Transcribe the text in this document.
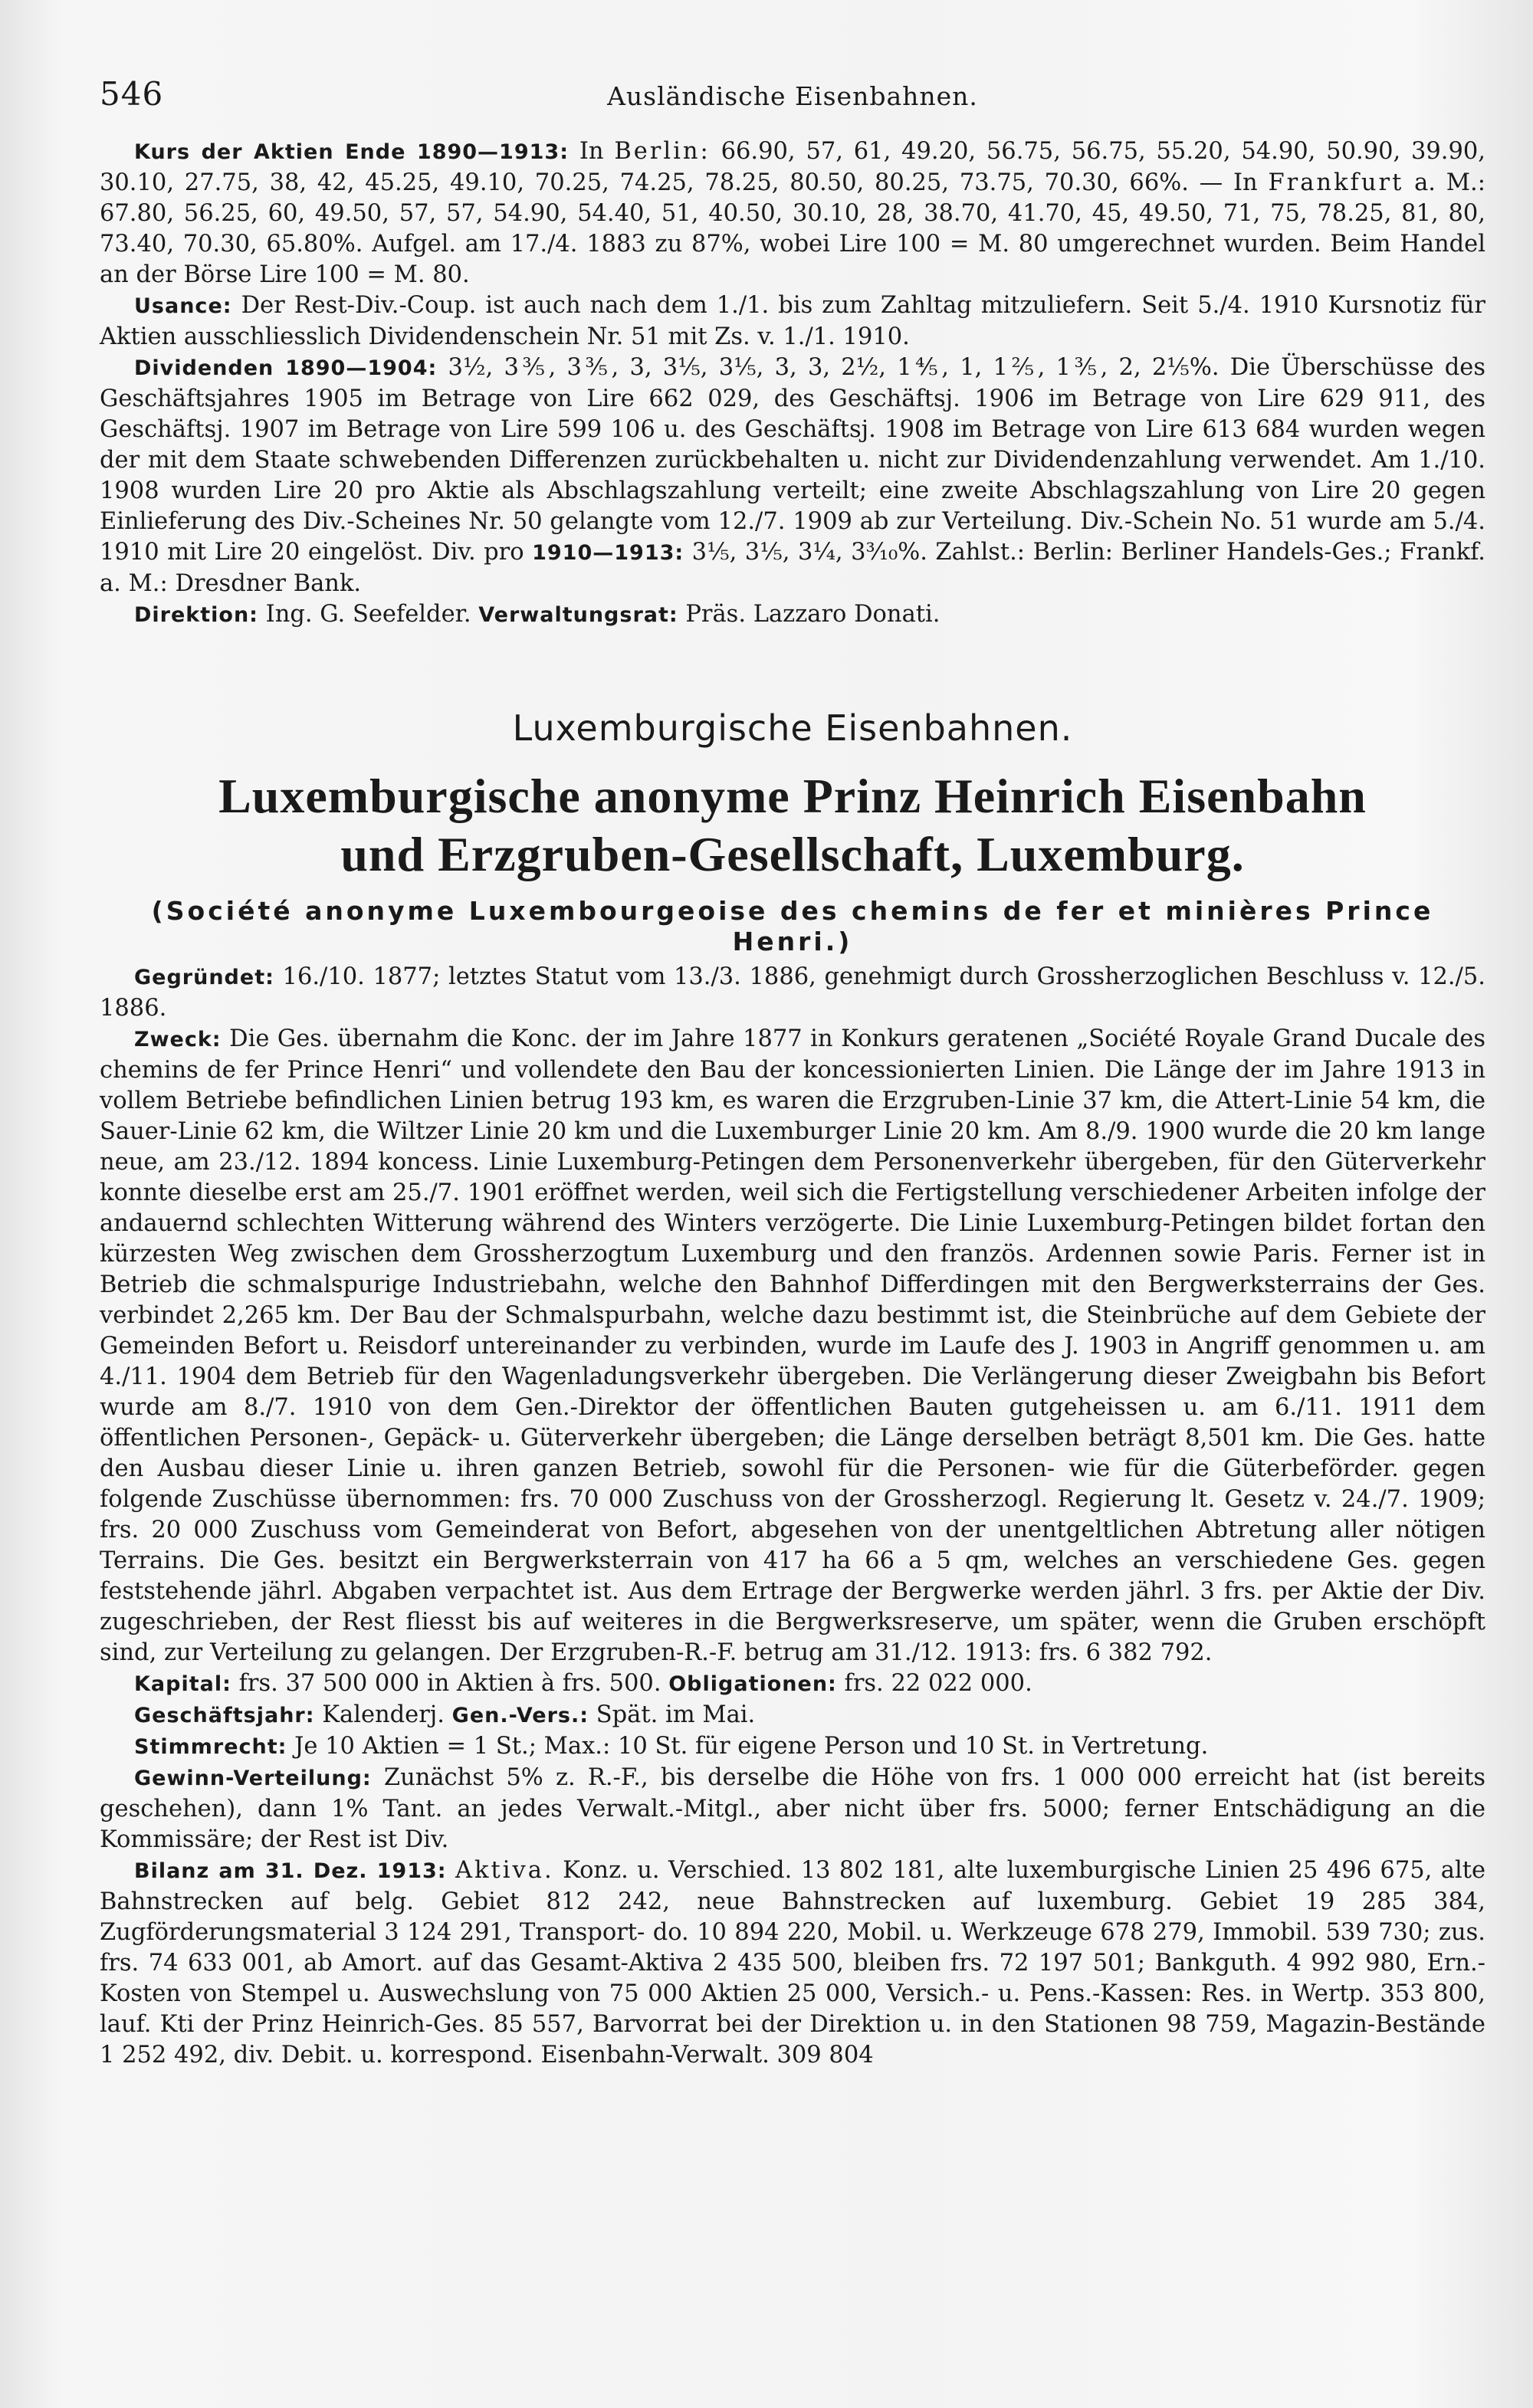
546	Ausländische Eisenbahnen.

Kurs der Aktien Ende 1890—1913: In Berlin: 66.90, 57, 61, 49.20, 56.75, 56.75, 55.20, 54.90, 50.90, 39.90, 30.10, 27.75, 38, 42, 45.25, 49.10, 70.25, 74.25, 78.25, 80.50, 80.25, 73.75, 70.30, 66%. — In Frankfurt a. M.: 67.80, 56.25, 60, 49.50, 57, 57, 54.90, 54.40, 51, 40.50, 30.10, 28, 38.70, 41.70, 45, 49.50, 71, 75, 78.25, 81, 80, 73.40, 70.30, 65.80%. Aufgel. am 17./4. 1883 zu 87%, wobei Lire 100 = M. 80 umgerechnet wurden. Beim Handel an der Börse Lire 100 = M. 80.

Usance: Der Rest-Div.-Coup. ist auch nach dem 1./1. bis zum Zahltag mitzuliefern. Seit 5./4. 1910 Kursnotiz für Aktien ausschliesslich Dividendenschein Nr. 51 mit Zs. v. 1./1. 1910.

Dividenden 1890—1904: 3½, 3⅗, 3⅗, 3, 3⅕, 3⅕, 3, 3, 2½, 1⅘, 1, 1⅖, 1⅗, 2, 2⅕%. Die Überschüsse des Geschäftsjahres 1905 im Betrage von Lire 662 029, des Geschäftsj. 1906 im Betrage von Lire 629 911, des Geschäftsj. 1907 im Betrage von Lire 599 106 u. des Geschäftsj. 1908 im Betrage von Lire 613 684 wurden wegen der mit dem Staate schwebenden Differenzen zurückbehalten u. nicht zur Dividendenzahlung verwendet. Am 1./10. 1908 wurden Lire 20 pro Aktie als Abschlagszahlung verteilt; eine zweite Abschlagszahlung von Lire 20 gegen Einlieferung des Div.-Scheines Nr. 50 gelangte vom 12./7. 1909 ab zur Verteilung. Div.-Schein No. 51 wurde am 5./4. 1910 mit Lire 20 eingelöst. Div. pro 1910—1913: 3⅕, 3⅕, 3¼, 3³⁄₁₀%. Zahlst.: Berlin: Berliner Handels-Ges.; Frankf. a. M.: Dresdner Bank.

Direktion: Ing. G. Seefelder. Verwaltungsrat: Präs. Lazzaro Donati.

Luxemburgische Eisenbahnen.
Luxemburgische anonyme Prinz Heinrich Eisenbahn
und Erzgruben-Gesellschaft, Luxemburg.
(Société anonyme Luxembourgeoise des chemins de fer et minières Prince Henri.)

Gegründet: 16./10. 1877; letztes Statut vom 13./3. 1886, genehmigt durch Grossherzoglichen Beschluss v. 12./5. 1886.

Zweck: Die Ges. übernahm die Konc. der im Jahre 1877 in Konkurs geratenen „Société Royale Grand Ducale des chemins de fer Prince Henri“ und vollendete den Bau der koncessionierten Linien. Die Länge der im Jahre 1913 in vollem Betriebe befindlichen Linien betrug 193 km, es waren die Erzgruben-Linie 37 km, die Attert-Linie 54 km, die Sauer-Linie 62 km, die Wiltzer Linie 20 km und die Luxemburger Linie 20 km. Am 8./9. 1900 wurde die 20 km lange neue, am 23./12. 1894 koncess. Linie Luxemburg-Petingen dem Personenverkehr übergeben, für den Güterverkehr konnte dieselbe erst am 25./7. 1901 eröffnet werden, weil sich die Fertigstellung verschiedener Arbeiten infolge der andauernd schlechten Witterung während des Winters verzögerte. Die Linie Luxemburg-Petingen bildet fortan den kürzesten Weg zwischen dem Grossherzogtum Luxemburg und den französ. Ardennen sowie Paris. Ferner ist in Betrieb die schmalspurige Industriebahn, welche den Bahnhof Differdingen mit den Bergwerksterrains der Ges. verbindet 2,265 km. Der Bau der Schmalspurbahn, welche dazu bestimmt ist, die Steinbrüche auf dem Gebiete der Gemeinden Befort u. Reisdorf untereinander zu verbinden, wurde im Laufe des J. 1903 in Angriff genommen u. am 4./11. 1904 dem Betrieb für den Wagenladungsverkehr übergeben. Die Verlängerung dieser Zweigbahn bis Befort wurde am 8./7. 1910 von dem Gen.-Direktor der öffentlichen Bauten gutgeheissen u. am 6./11. 1911 dem öffentlichen Personen-, Gepäck- u. Güterverkehr übergeben; die Länge derselben beträgt 8,501 km. Die Ges. hatte den Ausbau dieser Linie u. ihren ganzen Betrieb, sowohl für die Personen- wie für die Güterbeförder. gegen folgende Zuschüsse übernommen: frs. 70 000 Zuschuss von der Grossherzogl. Regierung lt. Gesetz v. 24./7. 1909; frs. 20 000 Zuschuss vom Gemeinderat von Befort, abgesehen von der unentgeltlichen Abtretung aller nötigen Terrains. Die Ges. besitzt ein Bergwerksterrain von 417 ha 66 a 5 qm, welches an verschiedene Ges. gegen feststehende jährl. Abgaben verpachtet ist. Aus dem Ertrage der Bergwerke werden jährl. 3 frs. per Aktie der Div. zugeschrieben, der Rest fliesst bis auf weiteres in die Bergwerksreserve, um später, wenn die Gruben erschöpft sind, zur Verteilung zu gelangen. Der Erzgruben-R.-F. betrug am 31./12. 1913: frs. 6 382 792.

Kapital: frs. 37 500 000 in Aktien à frs. 500. Obligationen: frs. 22 022 000.

Geschäftsjahr: Kalenderj. Gen.-Vers.: Spät. im Mai.

Stimmrecht: Je 10 Aktien = 1 St.; Max.: 10 St. für eigene Person und 10 St. in Vertretung.

Gewinn-Verteilung: Zunächst 5% z. R.-F., bis derselbe die Höhe von frs. 1 000 000 erreicht hat (ist bereits geschehen), dann 1% Tant. an jedes Verwalt.-Mitgl., aber nicht über frs. 5000; ferner Entschädigung an die Kommissäre; der Rest ist Div.

Bilanz am 31. Dez. 1913: Aktiva. Konz. u. Verschied. 13 802 181, alte luxemburgische Linien 25 496 675, alte Bahnstrecken auf belg. Gebiet 812 242, neue Bahnstrecken auf luxemburg. Gebiet 19 285 384, Zugförderungsmaterial 3 124 291, Transport- do. 10 894 220, Mobil. u. Werkzeuge 678 279, Immobil. 539 730; zus. frs. 74 633 001, ab Amort. auf das Gesamt-Aktiva 2 435 500, bleiben frs. 72 197 501; Bankguth. 4 992 980, Ern.-Kosten von Stempel u. Auswechslung von 75 000 Aktien 25 000, Versich.- u. Pens.-Kassen: Res. in Wertp. 353 800, lauf. Kti der Prinz Heinrich-Ges. 85 557, Barvorrat bei der Direktion u. in den Stationen 98 759, Magazin-Bestände 1 252 492, div. Debit. u. korrespond. Eisenbahn-Verwalt. 309 804
